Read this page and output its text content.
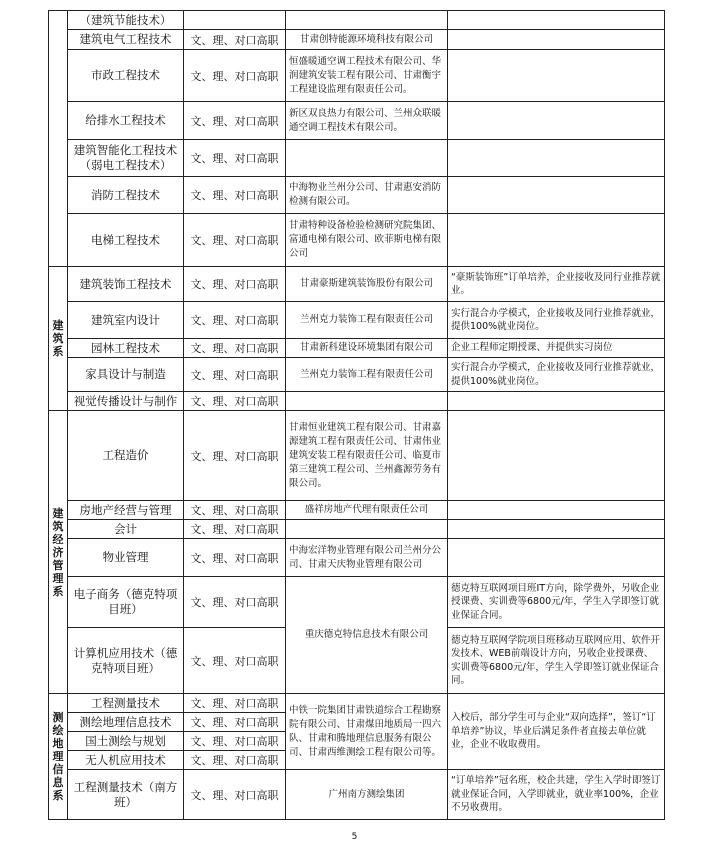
	（建筑节能技术）			
	建筑电气工程技术	文、理、对口高职	甘肃创特能源环境科技有限公司	
	市政工程技术	文、理、对口高职	恒盛暖通空调工程技术有限公司、华润建筑安装工程有限公司、甘肃衡宇工程建设监理有限责任公司。	
	给排水工程技术	文、理、对口高职	新区双良热力有限公司、兰州众联暖通空调工程技术有限公司。	
	建筑智能化工程技术（弱电工程技术）	文、理、对口高职		
	消防工程技术	文、理、对口高职	中海物业兰州分公司、甘肃惠安消防检测有限公司。	
	电梯工程技术	文、理、对口高职	甘肃特种设备检验检测研究院集团、富通电梯有限公司、欧菲斯电梯有限公司	
建筑系	建筑装饰工程技术	文、理、对口高职	甘肃豪斯建筑装饰股份有限公司	“豪斯装饰班”订单培养，企业接收及同行业推荐就业。
	建筑室内设计	文、理、对口高职	兰州克力装饰工程有限责任公司	实行混合办学模式，企业接收及同行业推荐就业，提供100%就业岗位。
	园林工程技术	文、理、对口高职	甘肃新科建设环境集团有限公司	企业工程师定期授课、并提供实习岗位
	家具设计与制造	文、理、对口高职	兰州克力装饰工程有限责任公司	实行混合办学模式，企业接收及同行业推荐就业，提供100%就业岗位。
	视觉传播设计与制作	文、理、对口高职		
建筑经济管理系	工程造价	文、理、对口高职	甘肃恒业建筑工程有限公司、甘肃嘉源建筑工程有限责任公司、甘肃伟业建筑安装工程有限责任公司、临夏市第三建筑工程公司、兰州鑫源劳务有限公司。	
	房地产经营与管理	文、理、对口高职	盛祥房地产代理有限责任公司	
	会计	文、理、对口高职		
	物业管理	文、理、对口高职	中海宏洋物业管理有限公司兰州分公司、甘肃天庆物业管理有限公司	
	电子商务（德克特项目班）	文、理、对口高职	重庆德克特信息技术有限公司	德克特互联网项目班IT方向，除学费外，另收企业授课费、实训费等6800元/年，学生入学即签订就业保证合同。
	计算机应用技术（德克特项目班）	文、理、对口高职		德克特互联网学院项目班移动互联网应用、软件开发技术、WEB前端设计方向，另收企业授课费、实训费等6800元/年，学生入学即签订就业保证合同。
测绘地理信息系	工程测量技术	文、理、对口高职	中铁一院集团甘肃铁道综合工程勘察院有限公司、甘肃煤田地质局一四六队、甘肃和腾地理信息服务有限公司、甘肃西维测绘工程有限公司等。	入校后，部分学生可与企业“双向选择”，签订“订单培养”协议，毕业后满足条件者直接去单位就业，企业不收取费用。
	测绘地理信息技术	文、理、对口高职		
	国土测绘与规划	文、理、对口高职		
	无人机应用技术	文、理、对口高职		
	工程测量技术（南方班）	文、理、对口高职	广州南方测绘集团	“订单培养”冠名班，校企共建，学生入学时即签订就业保证合同，入学即就业，就业率100%，企业不另收费用。
5
